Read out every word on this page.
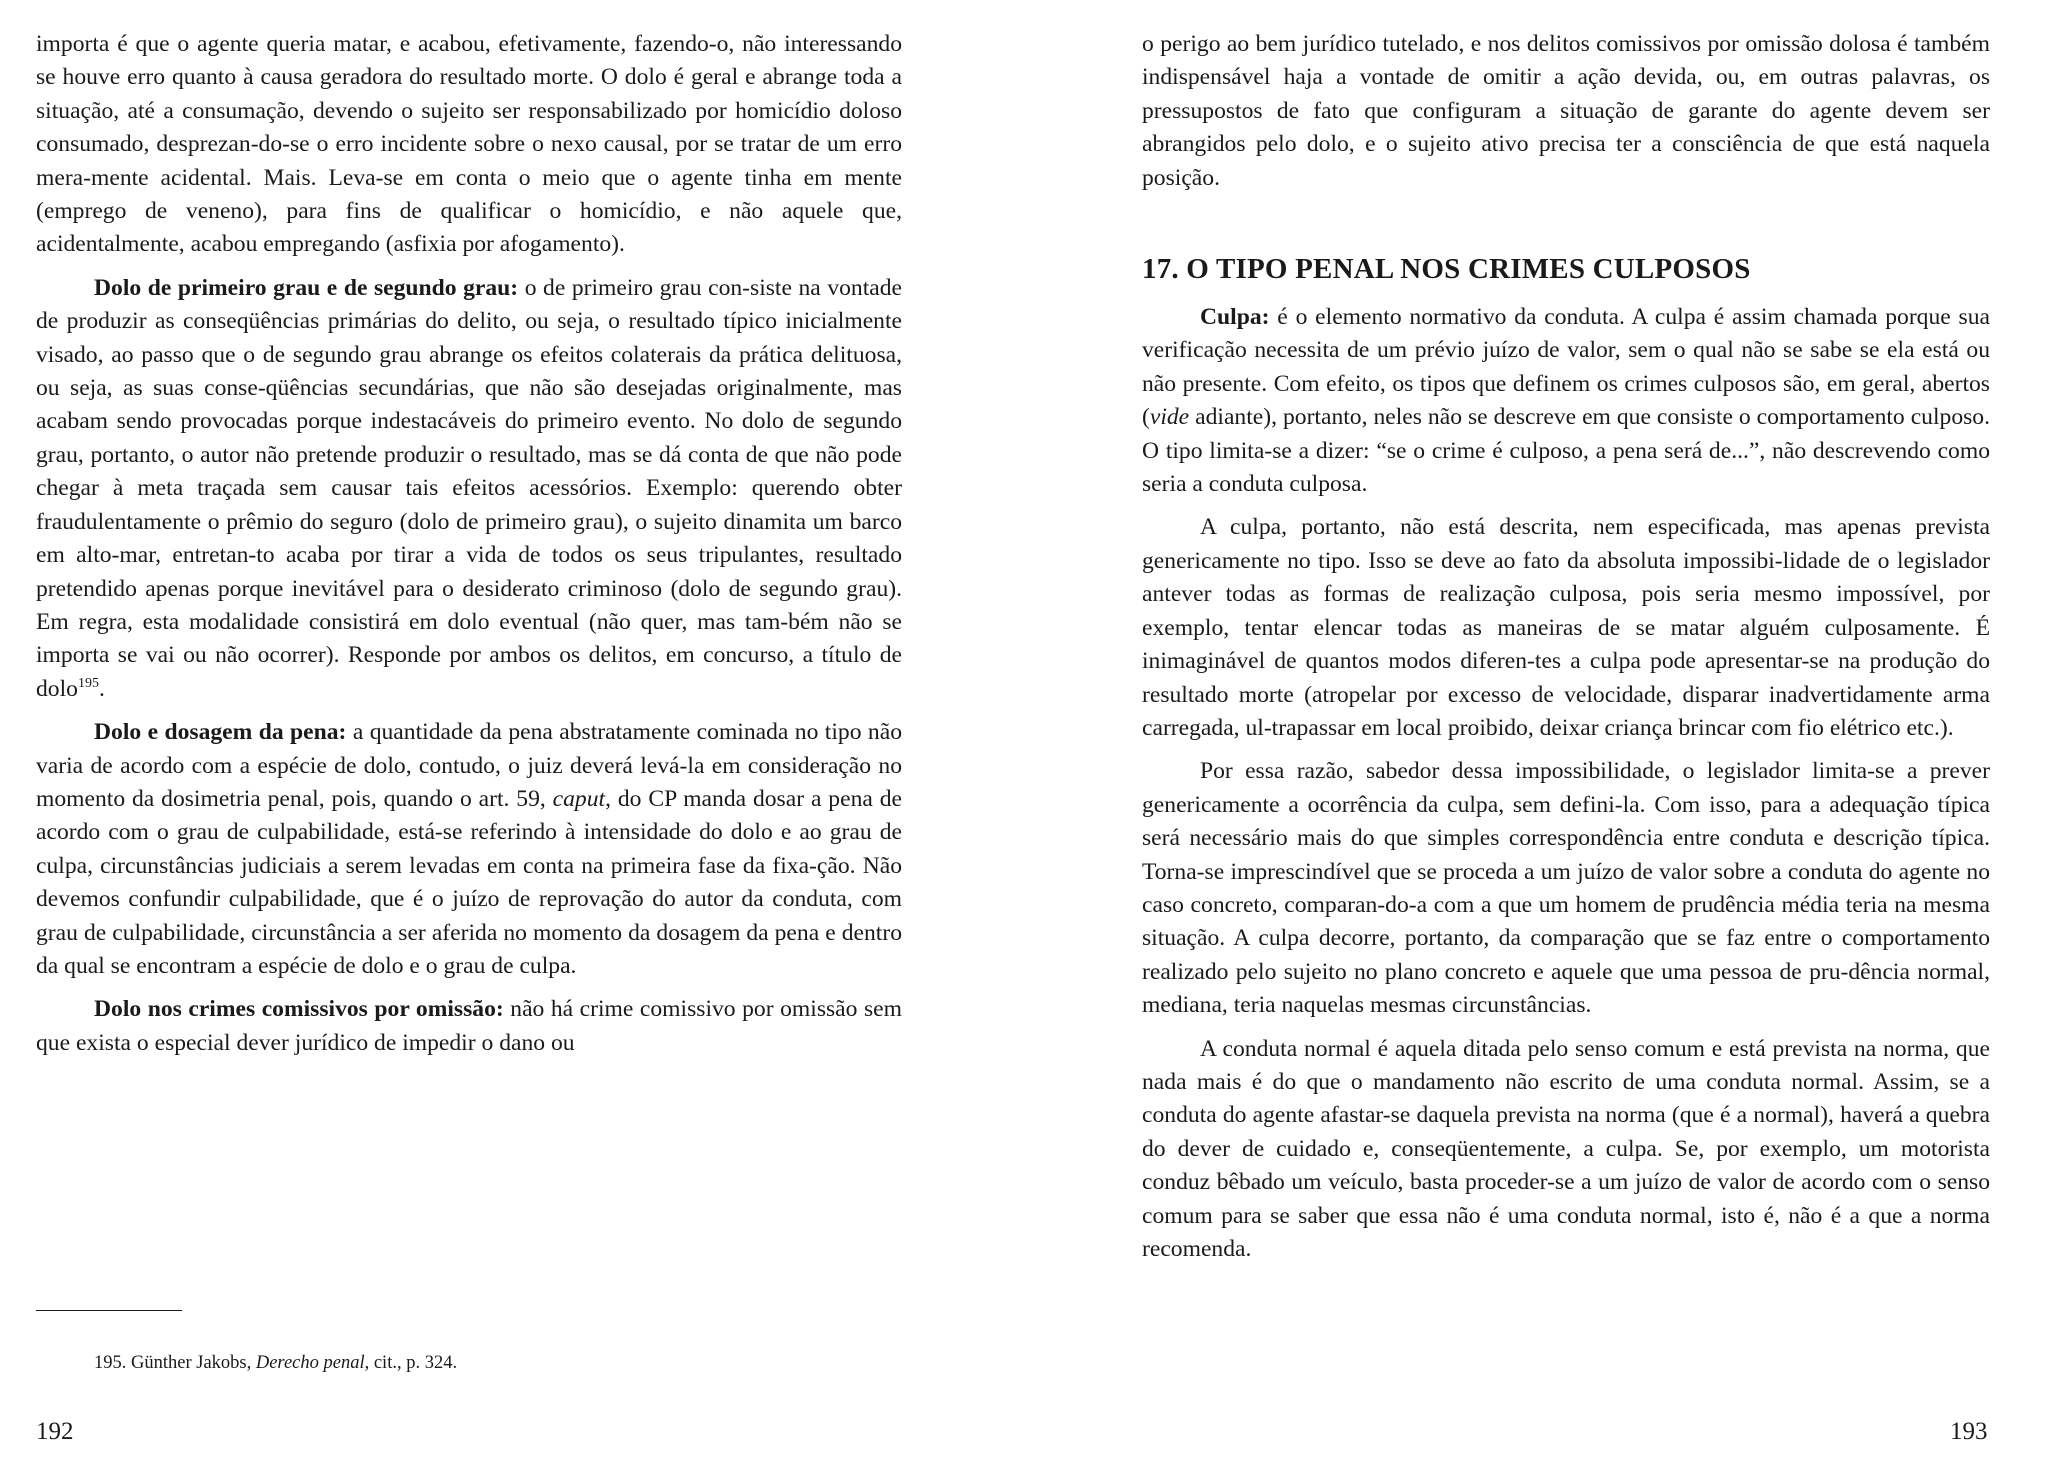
importa é que o agente queria matar, e acabou, efetivamente, fazendo-o, não interessando se houve erro quanto à causa geradora do resultado morte. O dolo é geral e abrange toda a situação, até a consumação, devendo o sujeito ser responsabilizado por homicídio doloso consumado, desprezan-do-se o erro incidente sobre o nexo causal, por se tratar de um erro mera-mente acidental. Mais. Leva-se em conta o meio que o agente tinha em mente (emprego de veneno), para fins de qualificar o homicídio, e não aquele que, acidentalmente, acabou empregando (asfixia por afogamento).

Dolo de primeiro grau e de segundo grau: o de primeiro grau con-siste na vontade de produzir as conseqüências primárias do delito, ou seja, o resultado típico inicialmente visado, ao passo que o de segundo grau abrange os efeitos colaterais da prática delituosa, ou seja, as suas conse-qüências secundárias, que não são desejadas originalmente, mas acabam sendo provocadas porque indestacáveis do primeiro evento. No dolo de segundo grau, portanto, o autor não pretende produzir o resultado, mas se dá conta de que não pode chegar à meta traçada sem causar tais efeitos acessórios. Exemplo: querendo obter fraudulentamente o prêmio do seguro (dolo de primeiro grau), o sujeito dinamita um barco em alto-mar, entretan-to acaba por tirar a vida de todos os seus tripulantes, resultado pretendido apenas porque inevitável para o desiderato criminoso (dolo de segundo grau). Em regra, esta modalidade consistirá em dolo eventual (não quer, mas tam-bém não se importa se vai ou não ocorrer). Responde por ambos os delitos, em concurso, a título de dolo$^{195}$.

Dolo e dosagem da pena: a quantidade da pena abstratamente cominada no tipo não varia de acordo com a espécie de dolo, contudo, o juiz deverá levá-la em consideração no momento da dosimetria penal, pois, quando o art. 59, caput, do CP manda dosar a pena de acordo com o grau de culpabilidade, está-se referindo à intensidade do dolo e ao grau de culpa, circunstâncias judiciais a serem levadas em conta na primeira fase da fixa-ção. Não devemos confundir culpabilidade, que é o juízo de reprovação do autor da conduta, com grau de culpabilidade, circunstância a ser aferida no momento da dosagem da pena e dentro da qual se encontram a espécie de dolo e o grau de culpa.

Dolo nos crimes comissivos por omissão: não há crime comissivo por omissão sem que exista o especial dever jurídico de impedir o dano ou

195. Günther Jakobs, Derecho penal, cit., p. 324.
192

o perigo ao bem jurídico tutelado, e nos delitos comissivos por omissão dolosa é também indispensável haja a vontade de omitir a ação devida, ou, em outras palavras, os pressupostos de fato que configuram a situação de garante do agente devem ser abrangidos pelo dolo, e o sujeito ativo precisa ter a consciência de que está naquela posição.

17. O TIPO PENAL NOS CRIMES CULPOSOS

Culpa: é o elemento normativo da conduta. A culpa é assim chamada porque sua verificação necessita de um prévio juízo de valor, sem o qual não se sabe se ela está ou não presente. Com efeito, os tipos que definem os crimes culposos são, em geral, abertos (vide adiante), portanto, neles não se descreve em que consiste o comportamento culposo. O tipo limita-se a dizer: “se o crime é culposo, a pena será de...”, não descrevendo como seria a conduta culposa.

A culpa, portanto, não está descrita, nem especificada, mas apenas prevista genericamente no tipo. Isso se deve ao fato da absoluta impossibi-lidade de o legislador antever todas as formas de realização culposa, pois seria mesmo impossível, por exemplo, tentar elencar todas as maneiras de se matar alguém culposamente. É inimaginável de quantos modos diferen-tes a culpa pode apresentar-se na produção do resultado morte (atropelar por excesso de velocidade, disparar inadvertidamente arma carregada, ul-trapassar em local proibido, deixar criança brincar com fio elétrico etc.).

Por essa razão, sabedor dessa impossibilidade, o legislador limita-se a prever genericamente a ocorrência da culpa, sem defini-la. Com isso, para a adequação típica será necessário mais do que simples correspondência entre conduta e descrição típica. Torna-se imprescindível que se proceda a um juízo de valor sobre a conduta do agente no caso concreto, comparan-do-a com a que um homem de prudência média teria na mesma situação. A culpa decorre, portanto, da comparação que se faz entre o comportamento realizado pelo sujeito no plano concreto e aquele que uma pessoa de pru-dência normal, mediana, teria naquelas mesmas circunstâncias.

A conduta normal é aquela ditada pelo senso comum e está prevista na norma, que nada mais é do que o mandamento não escrito de uma conduta normal. Assim, se a conduta do agente afastar-se daquela prevista na norma (que é a normal), haverá a quebra do dever de cuidado e, conseqüentemente, a culpa. Se, por exemplo, um motorista conduz bêbado um veículo, basta proceder-se a um juízo de valor de acordo com o senso comum para se saber que essa não é uma conduta normal, isto é, não é a que a norma recomenda.

193
